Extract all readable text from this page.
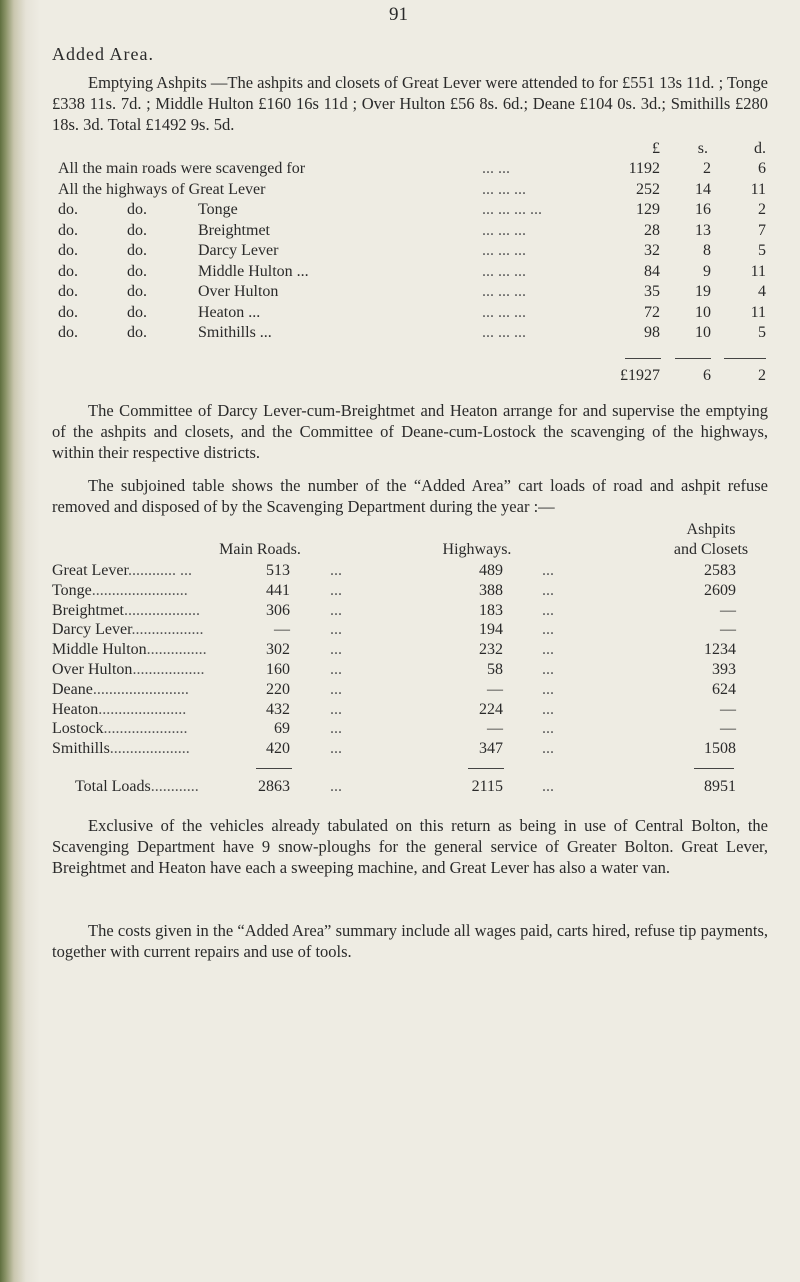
91
Added Area.
Emptying Ashpits —The ashpits and closets of Great Lever were attended to for £551 13s 11d. ; Tonge £338 11s. 7d. ; Middle Hulton £160 16s 11d ; Over Hulton £56 8s. 6d.; Deane £104 0s. 3d.; Smithills £280 18s. 3d. Total £1492 9s. 5d.
£	s.	d.
All the main roads were scavenged for	... ...	1192	2	6
All the highways of Great Lever	... ... ...	252	14	11
do.	do.	Tonge	... ... ... ...	129	16	2
do.	do.	Breightmet	... ... ...	28	13	7
do.	do.	Darcy Lever	... ... ...	32	8	5
do.	do.	Middle Hulton ...	... ... ...	84	9	11
do.	do.	Over Hulton	... ... ...	35	19	4
do.	do.	Heaton ...	... ... ...	72	10	11
do.	do.	Smithills ...	... ... ...	98	10	5
£1927	6	2
The Committee of Darcy Lever-cum-Breightmet and Heaton arrange for and supervise the emptying of the ashpits and closets, and the Committee of Deane-cum-Lostock the scavenging of the highways, within their respective districts.
The subjoined table shows the number of the “Added Area” cart loads of road and ashpit refuse removed and disposed of by the Scavenging Department during the year :—
Ashpits
Main Roads.	Highways.	and Closets
Great Lever............ ...	513	...	489 ...	2583
Tonge........................	441	...	388 ...	2609
Breightmet...................	306	...	183 ...	—
Darcy Lever..................	—	...	194 ...	—
Middle Hulton...............	302	...	232 ...	1234
Over Hulton..................	160	...	58 ...	393
Deane........................	220	...	— ...	624
Heaton......................	432	...	224 ...	—
Lostock.....................	69	...	— ...	—
Smithills....................	420	...	347 ...	1508
Total Loads............	2863	...	2115 ...	8951
Exclusive of the vehicles already tabulated on this return as being in use of Central Bolton, the Scavenging Department have 9 snow-ploughs for the general service of Greater Bolton. Great Lever, Breightmet and Heaton have each a sweeping machine, and Great Lever has also a water van.
The costs given in the “Added Area” summary include all wages paid, carts hired, refuse tip payments, together with current repairs and use of tools.
